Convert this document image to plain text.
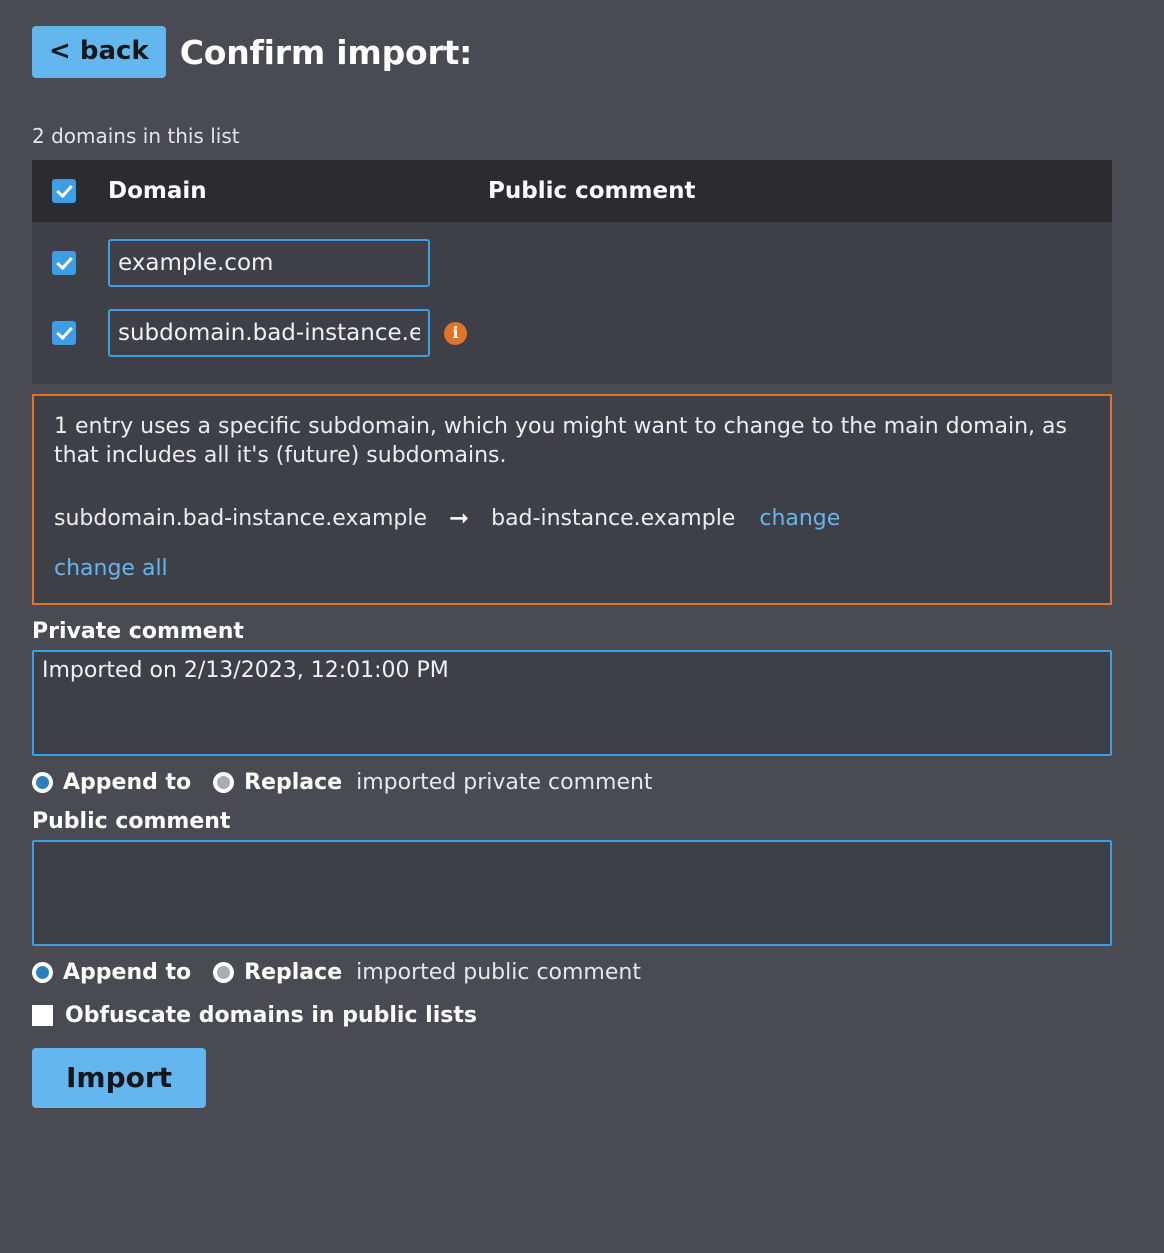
< back Confirm import:
2 domains in this list
Domain	Public comment
example.com
subdomain.bad-instance.ex
i
1 entry uses a specific subdomain, which you might want to change to the main domain, as that includes all it's (future) subdomains.
subdomain.bad-instance.example ➞ bad-instance.example change
change all
Private comment
Imported on 2/13/2023, 12:01:00 PM
Append to Replace imported private comment
Public comment
Append to Replace imported public comment
Obfuscate domains in public lists
Import
